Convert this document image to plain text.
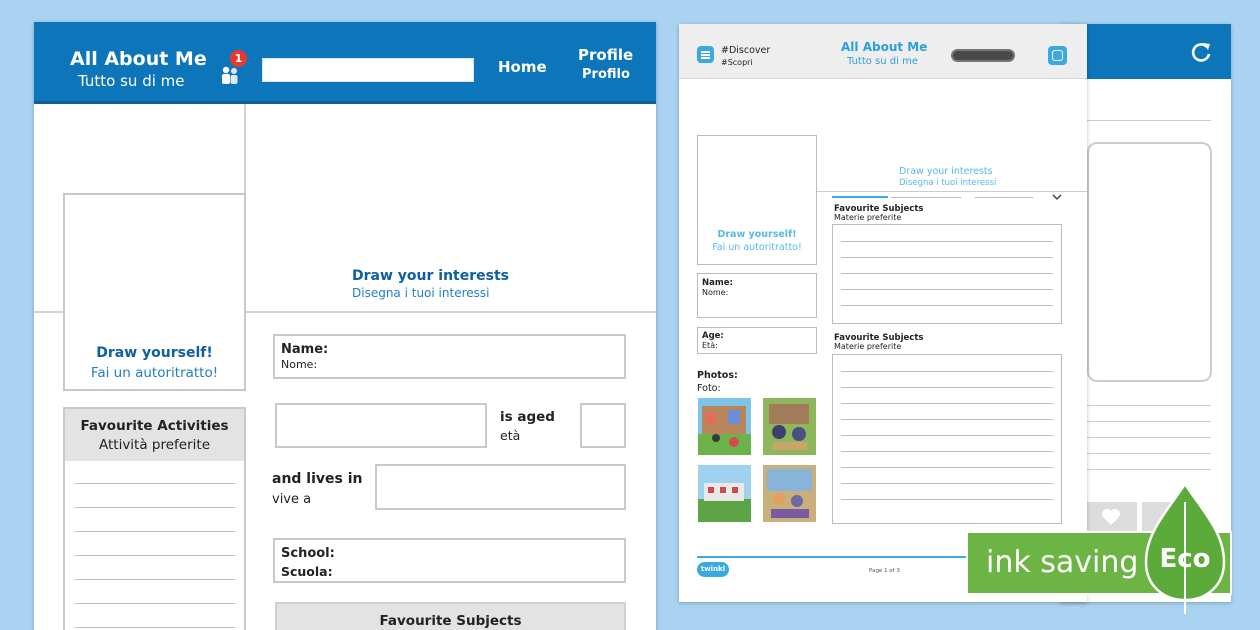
All About Me
Tutto su di me
1	Home
Profile
Profilo
Draw yourself!
Fai un autoritratto!
Draw your interests
Disegna i tuoi interessi
Favourite Activities
Attività preferite
Name:
Nome:
is aged
età
and lives in
vive a
School:
Scuola:
Favourite Subjects
#Discover
#Scopri
All About Me
Tutto su di me
Draw yourself!
Fai un autoritratto!
Draw your interests
Disegna i tuoi interessi
Favourite Subjects
Materie preferite
Name:
Nome:
Age:
Età:
Favourite Subjects
Materie preferite
Photos:
Foto:
twinkl	Page 1 of 3	ink saving Eco
